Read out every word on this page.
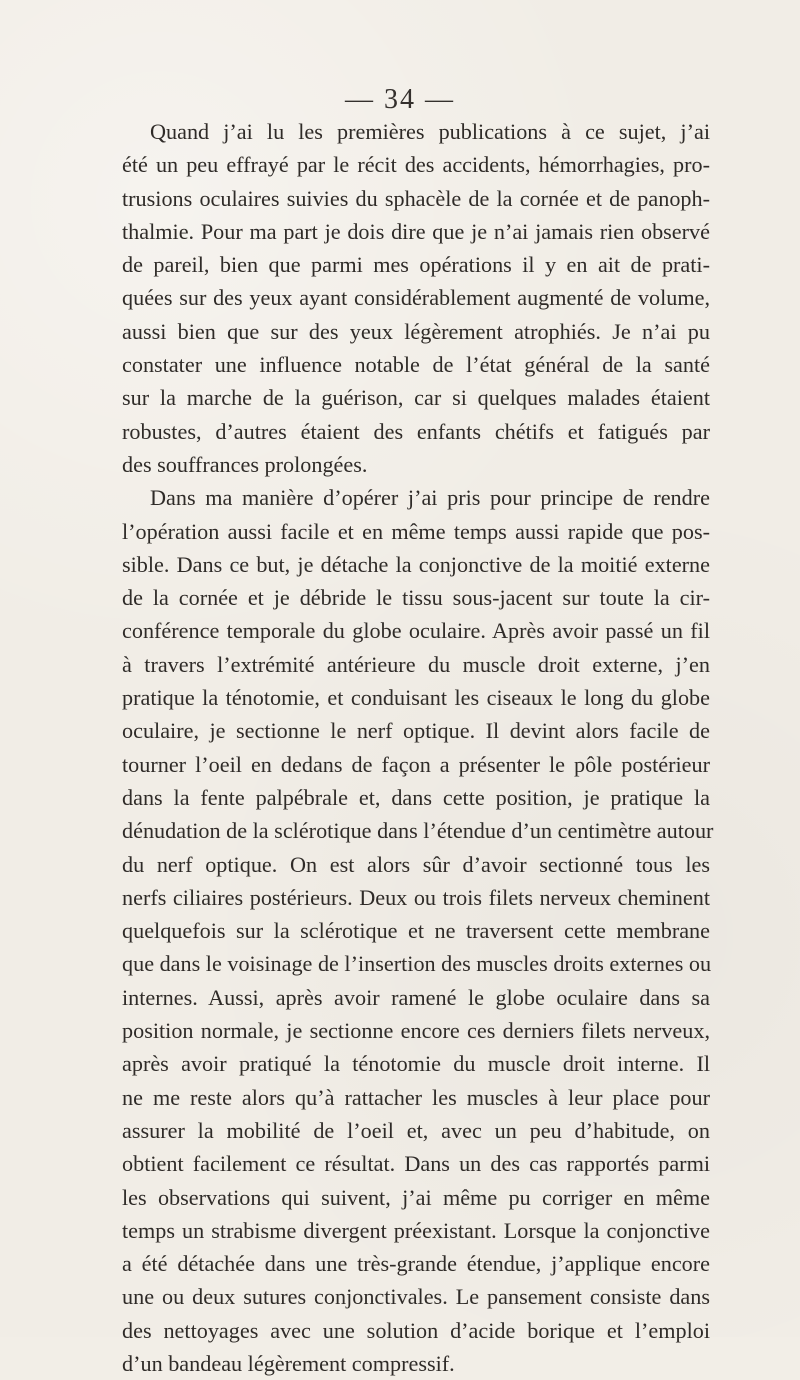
— 34 —
Quand j’ai lu les premières publications à ce sujet, j’ai
été un peu effrayé par le récit des accidents, hémorrhagies, pro-
trusions oculaires suivies du sphacèle de la cornée et de panoph-
thalmie. Pour ma part je dois dire que je n’ai jamais rien observé
de pareil, bien que parmi mes opérations il y en ait de prati-
quées sur des yeux ayant considérablement augmenté de volume,
aussi bien que sur des yeux légèrement atrophiés. Je n’ai pu
constater une influence notable de l’état général de la santé
sur la marche de la guérison, car si quelques malades étaient
robustes, d’autres étaient des enfants chétifs et fatigués par
des souffrances prolongées.
Dans ma manière d’opérer j’ai pris pour principe de rendre
l’opération aussi facile et en même temps aussi rapide que pos-
sible. Dans ce but, je détache la conjonctive de la moitié externe
de la cornée et je débride le tissu sous-jacent sur toute la cir-
conférence temporale du globe oculaire. Après avoir passé un fil
à travers l’extrémité antérieure du muscle droit externe, j’en
pratique la ténotomie, et conduisant les ciseaux le long du globe
oculaire, je sectionne le nerf optique. Il devint alors facile de
tourner l’oeil en dedans de façon a présenter le pôle postérieur
dans la fente palpébrale et, dans cette position, je pratique la
dénudation de la sclérotique dans l’étendue d’un centimètre autour
du nerf optique. On est alors sûr d’avoir sectionné tous les
nerfs ciliaires postérieurs. Deux ou trois filets nerveux cheminent
quelquefois sur la sclérotique et ne traversent cette membrane
que dans le voisinage de l’insertion des muscles droits externes ou
internes. Aussi, après avoir ramené le globe oculaire dans sa
position normale, je sectionne encore ces derniers filets nerveux,
après avoir pratiqué la ténotomie du muscle droit interne. Il
ne me reste alors qu’à rattacher les muscles à leur place pour
assurer la mobilité de l’oeil et, avec un peu d’habitude, on
obtient facilement ce résultat. Dans un des cas rapportés parmi
les observations qui suivent, j’ai même pu corriger en même
temps un strabisme divergent préexistant. Lorsque la conjonctive
a été détachée dans une très-grande étendue, j’applique encore
une ou deux sutures conjonctivales. Le pansement consiste dans
des nettoyages avec une solution d’acide borique et l’emploi
d’un bandeau légèrement compressif.
